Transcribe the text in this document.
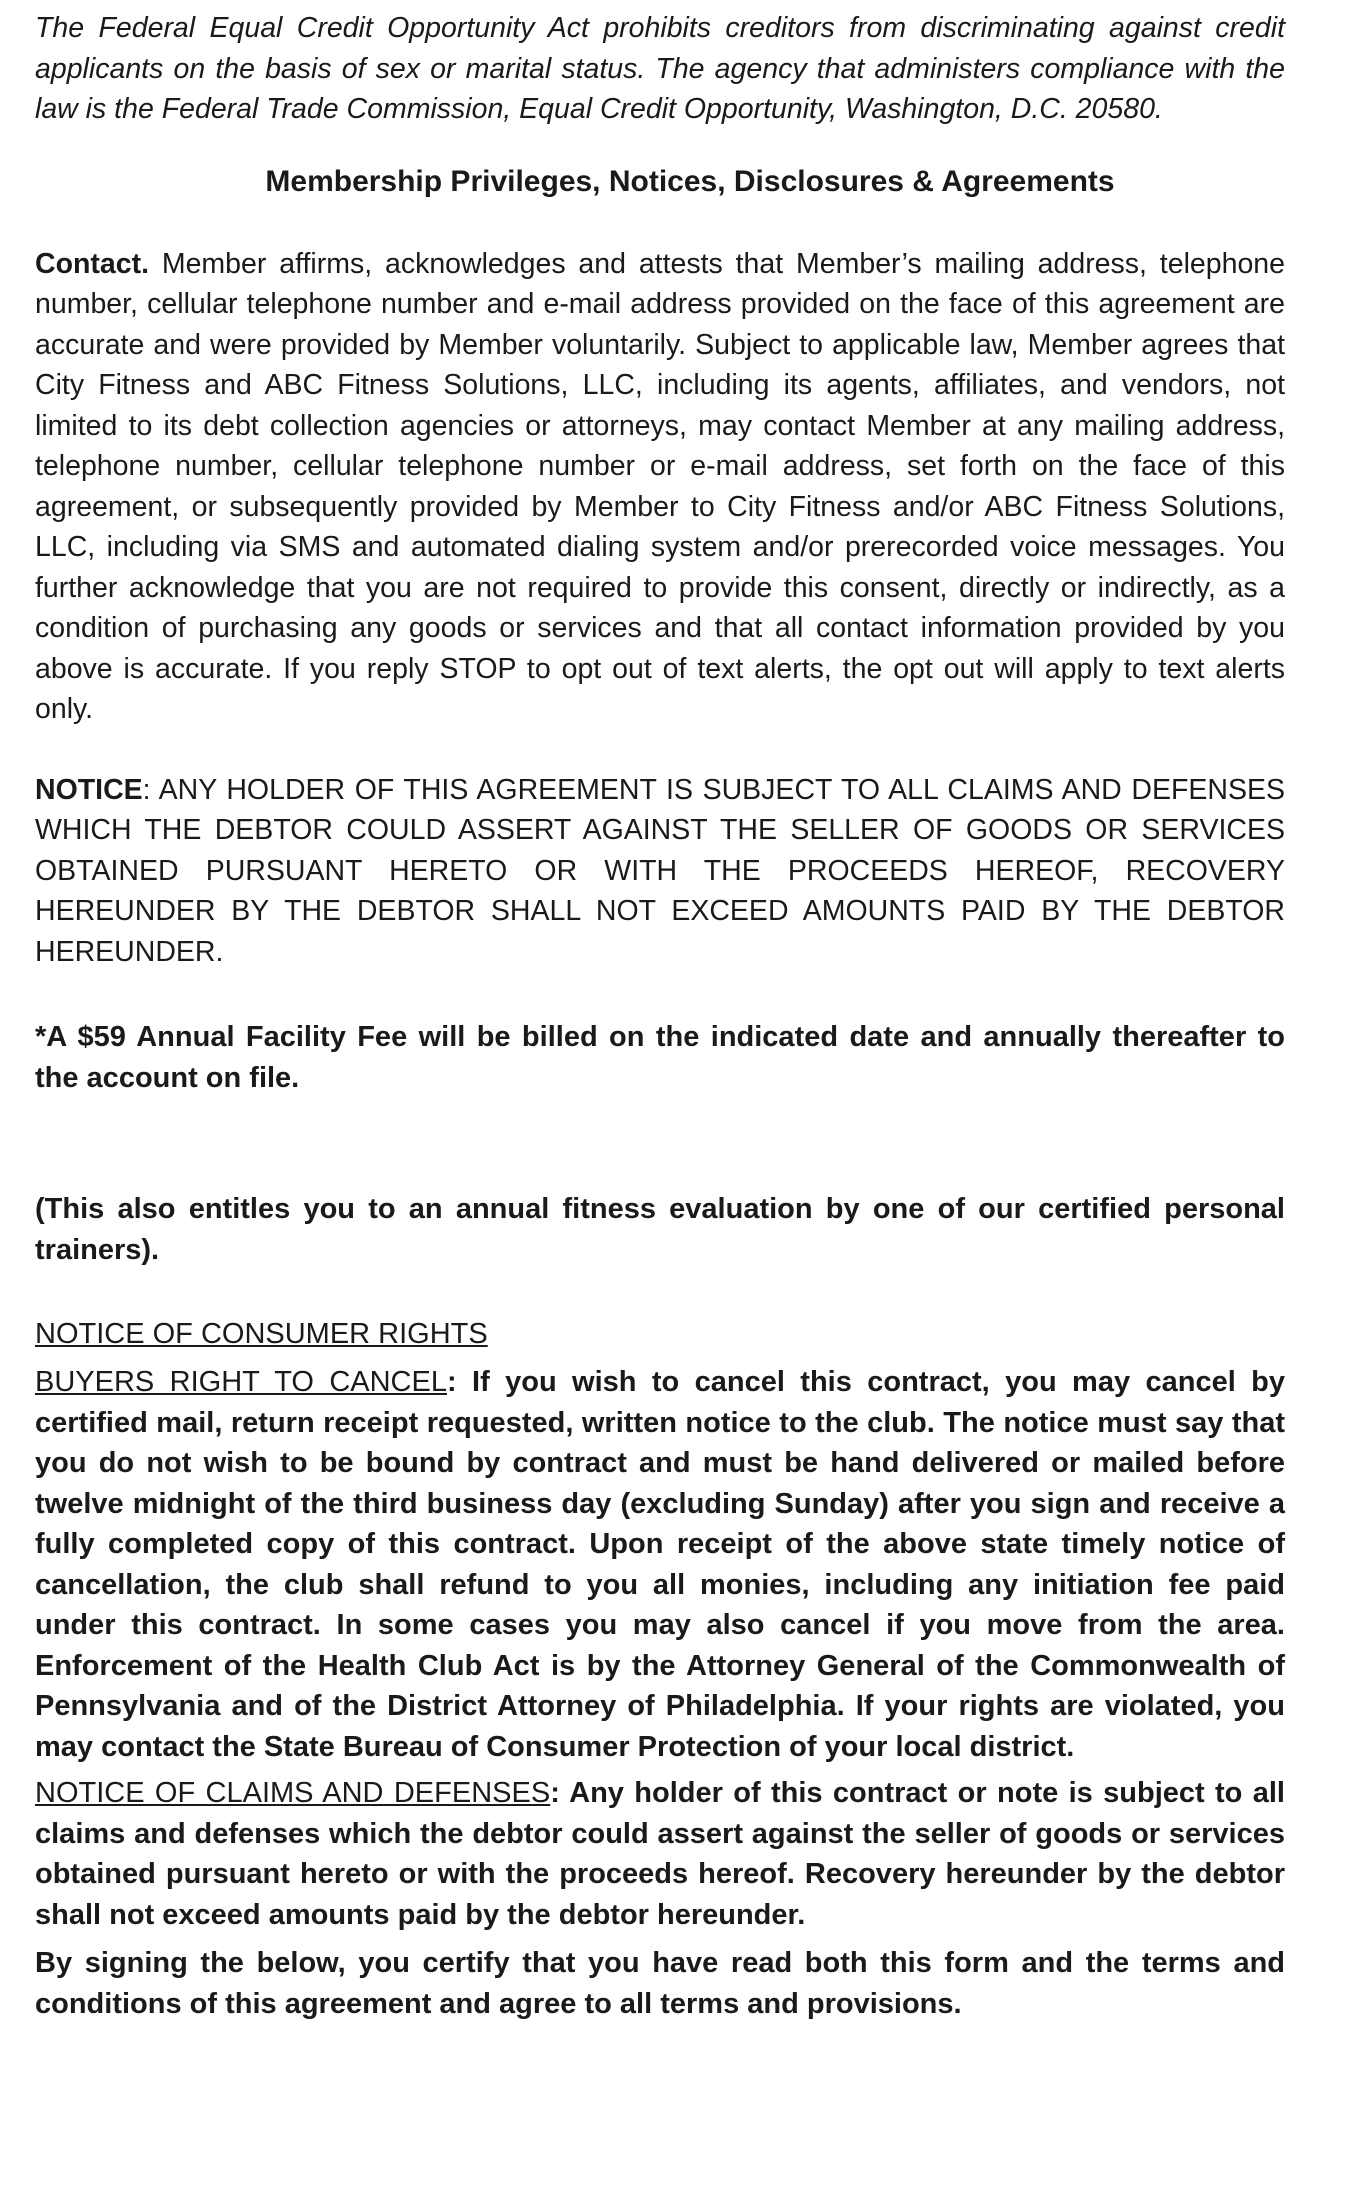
The Federal Equal Credit Opportunity Act prohibits creditors from discriminating against credit applicants on the basis of sex or marital status. The agency that administers compliance with the law is the Federal Trade Commission, Equal Credit Opportunity, Washington, D.C. 20580.

Membership Privileges, Notices, Disclosures & Agreements

Contact. Member affirms, acknowledges and attests that Member’s mailing address, telephone number, cellular telephone number and e-mail address provided on the face of this agreement are accurate and were provided by Member voluntarily. Subject to applicable law, Member agrees that City Fitness and ABC Fitness Solutions, LLC, including its agents, affiliates, and vendors, not limited to its debt collection agencies or attorneys, may contact Member at any mailing address, telephone number, cellular telephone number or e-mail address, set forth on the face of this agreement, or subsequently provided by Member to City Fitness and/or ABC Fitness Solutions, LLC, including via SMS and automated dialing system and/or prerecorded voice messages. You further acknowledge that you are not required to provide this consent, directly or indirectly, as a condition of purchasing any goods or services and that all contact information provided by you above is accurate. If you reply STOP to opt out of text alerts, the opt out will apply to text alerts only.

NOTICE: ANY HOLDER OF THIS AGREEMENT IS SUBJECT TO ALL CLAIMS AND DEFENSES WHICH THE DEBTOR COULD ASSERT AGAINST THE SELLER OF GOODS OR SERVICES OBTAINED PURSUANT HERETO OR WITH THE PROCEEDS HEREOF, RECOVERY HEREUNDER BY THE DEBTOR SHALL NOT EXCEED AMOUNTS PAID BY THE DEBTOR HEREUNDER.

*A $59 Annual Facility Fee will be billed on the indicated date and annually thereafter to the account on file.

(This also entitles you to an annual fitness evaluation by one of our certified personal trainers).

NOTICE OF CONSUMER RIGHTS

BUYERS RIGHT TO CANCEL: If you wish to cancel this contract, you may cancel by certified mail, return receipt requested, written notice to the club. The notice must say that you do not wish to be bound by contract and must be hand delivered or mailed before twelve midnight of the third business day (excluding Sunday) after you sign and receive a fully completed copy of this contract. Upon receipt of the above state timely notice of cancellation, the club shall refund to you all monies, including any initiation fee paid under this contract. In some cases you may also cancel if you move from the area. Enforcement of the Health Club Act is by the Attorney General of the Commonwealth of Pennsylvania and of the District Attorney of Philadelphia. If your rights are violated, you may contact the State Bureau of Consumer Protection of your local district.

NOTICE OF CLAIMS AND DEFENSES: Any holder of this contract or note is subject to all claims and defenses which the debtor could assert against the seller of goods or services obtained pursuant hereto or with the proceeds hereof. Recovery hereunder by the debtor shall not exceed amounts paid by the debtor hereunder.

By signing the below, you certify that you have read both this form and the terms and conditions of this agreement and agree to all terms and provisions.
